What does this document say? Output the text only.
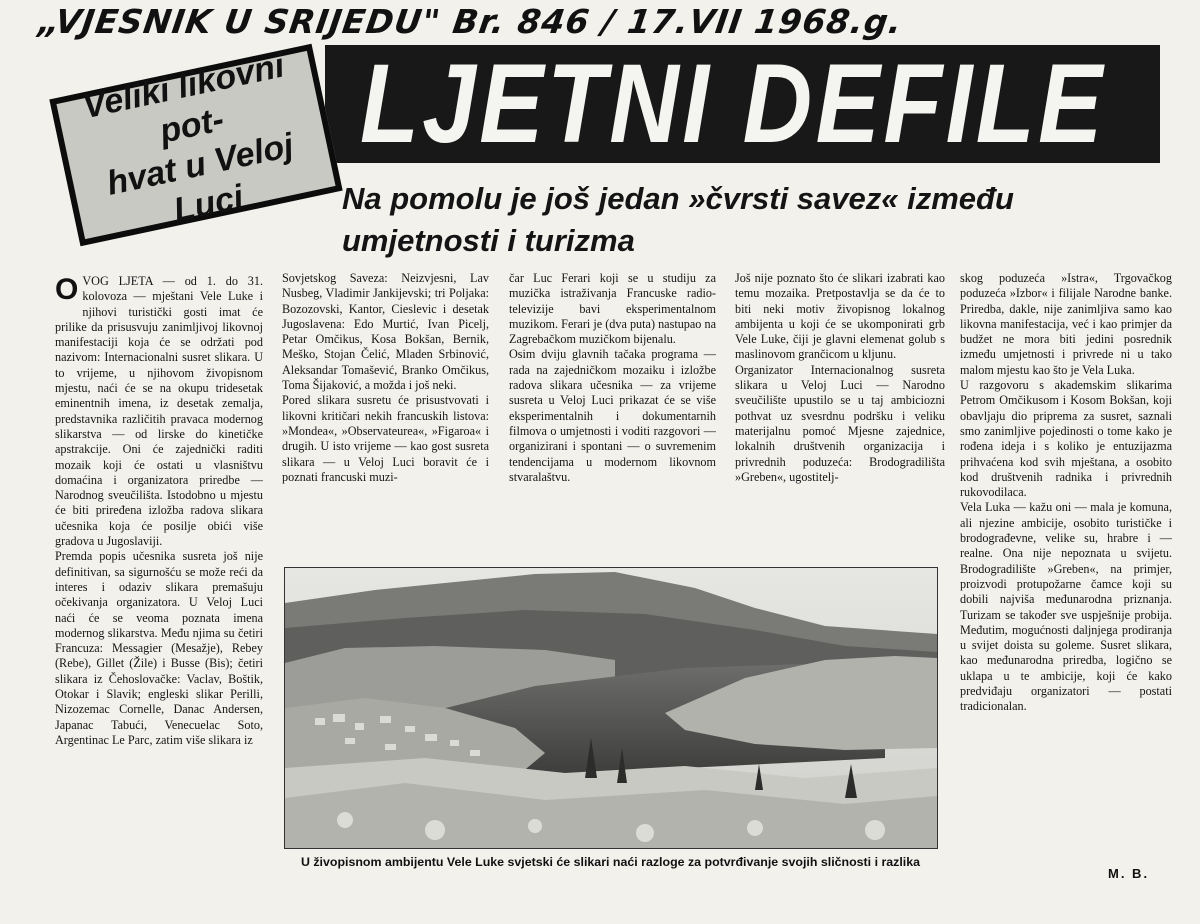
„VJESNIK U SRIJEDU" Br. 846 / 17.VII 1968.g.
LJETNI DEFILE
Veliki likovni pot-
hvat u Veloj Luci	Na pomolu je još jedan »čvrsti savez« između umjetnosti i turizma
OVOG LJETA — od 1. do 31. kolovoza — mještani Vele Luke i njihovi turistički gosti imat će prilike da prisusvuju zanimljivoj likovnoj manifestaciji koja će se održati pod nazivom: Internacionalni susret slikara. U to vrijeme, u njihovom živopisnom mjestu, naći će se na okupu tridesetak eminentnih imena, iz desetak zemalja, predstavnika različitih pravaca modernog slikarstva — od lirske do kinetičke apstrakcije. Oni će zajednički raditi mozaik koji će ostati u vlasništvu domaćina i organizatora priredbe — Narodnog sveučilišta. Istodobno u mjestu će biti priređena izložba radova slikara učesnika koja će posilje obići više gradova u Jugoslaviji.
Premda popis učesnika susreta još nije definitivan, sa sigurnošću se može reći da interes i odaziv slikara premašuju očekivanja organizatora. U Veloj Luci naći će se veoma poznata imena modernog slikarstva. Među njima su četiri Francuza: Messagier (Mesažje), Rebey (Rebe), Gillet (Žile) i Busse (Bis); četiri slikara iz Čehoslovačke: Vaclav, Boštik, Otokar i Slavik; engleski slikar Perilli, Nizozemac Cornelle, Danac Andersen, Japanac Tabući, Venecuelac Soto, Argentinac Le Parc, zatim više slikara iz
Sovjetskog Saveza: Neizvjesni, Lav Nusbeg, Vladimir Jankijevski; tri Poljaka: Bozozovski, Kantor, Cieslevic i desetak Jugoslavena: Edo Murtić, Ivan Picelj, Petar Omčikus, Kosa Bokšan, Bernik, Meško, Stojan Čelić, Mladen Srbinović, Aleksandar Tomašević, Branko Omčikus, Toma Šijaković, a možda i još neki.
Pored slikara susretu će prisustvovati i likovni kritičari nekih francuskih listova: »Mondea«, »Observateurea«, »Figaroa« i drugih. U isto vrijeme — kao gost susreta slikara — u Veloj Luci boravit će i poznati francuski muzi-
čar Luc Ferari koji se u studiju za muzička istraživanja Francuske radio-televizije bavi eksperimentalnom muzikom. Ferari je (dva puta) nastupao na Zagrebačkom muzičkom bijenalu.
Osim dviju glavnih tačaka programa — rada na zajedničkom mozaiku i izložbe radova slikara učesnika — za vrijeme susreta u Veloj Luci prikazat će se više eksperimentalnih i dokumentarnih filmova o umjetnosti i voditi razgovori — organizirani i spontani — o suvremenim tendencijama u modernom likovnom stvaralaštvu.
Još nije poznato što će slikari izabrati kao temu mozaika. Pretpostavlja se da će to biti neki motiv živopisnog lokalnog ambijenta u koji će se ukomponirati grb Vele Luke, čiji je glavni elemenat golub s maslinovom grančicom u kljunu.
Organizator Internacionalnog susreta slikara u Veloj Luci — Narodno sveučilište upustilo se u taj ambiciozni pothvat uz svesrdnu podršku i veliku materijalnu pomoć Mjesne zajednice, lokalnih društvenih organizacija i privrednih poduzeća: Brodogradilišta »Greben«, ugostitelj-
skog poduzeća »Istra«, Trgovačkog poduzeća »Izbor« i filijale Narodne banke. Priredba, dakle, nije zanimljiva samo kao likovna manifestacija, već i kao primjer da budžet ne mora biti jedini posrednik između umjetnosti i privrede ni u tako malom mjestu kao što je Vela Luka.
U razgovoru s akademskim slikarima Petrom Omčikusom i Kosom Bokšan, koji obavljaju dio priprema za susret, saznali smo zanimljive pojedinosti o tome kako je rođena ideja i s koliko je entuzijazma prihvaćena kod svih mještana, a osobito kod društvenih radnika i privrednih rukovodilaca.
Vela Luka — kažu oni — mala je komuna, ali njezine ambicije, osobito turističke i brodograđevne, velike su, hrabre i — realne. Ona nije nepoznata u svijetu. Brodogradilište »Greben«, na primjer, proizvodi protupožarne čamce koji su dobili najviša međunarodna priznanja. Turizam se također sve uspješnije probija. Međutim, mogućnosti daljnjega prodiranja u svijet doista su goleme. Susret slikara, kao međunarodna priredba, logično se uklapa u te ambicije, koji će kako predviđaju organizatori — postati tradicionalan.
U živopisnom ambijentu Vele Luke svjetski će slikari naći razloge za potvrđivanje svojih sličnosti i razlika
M. B.
